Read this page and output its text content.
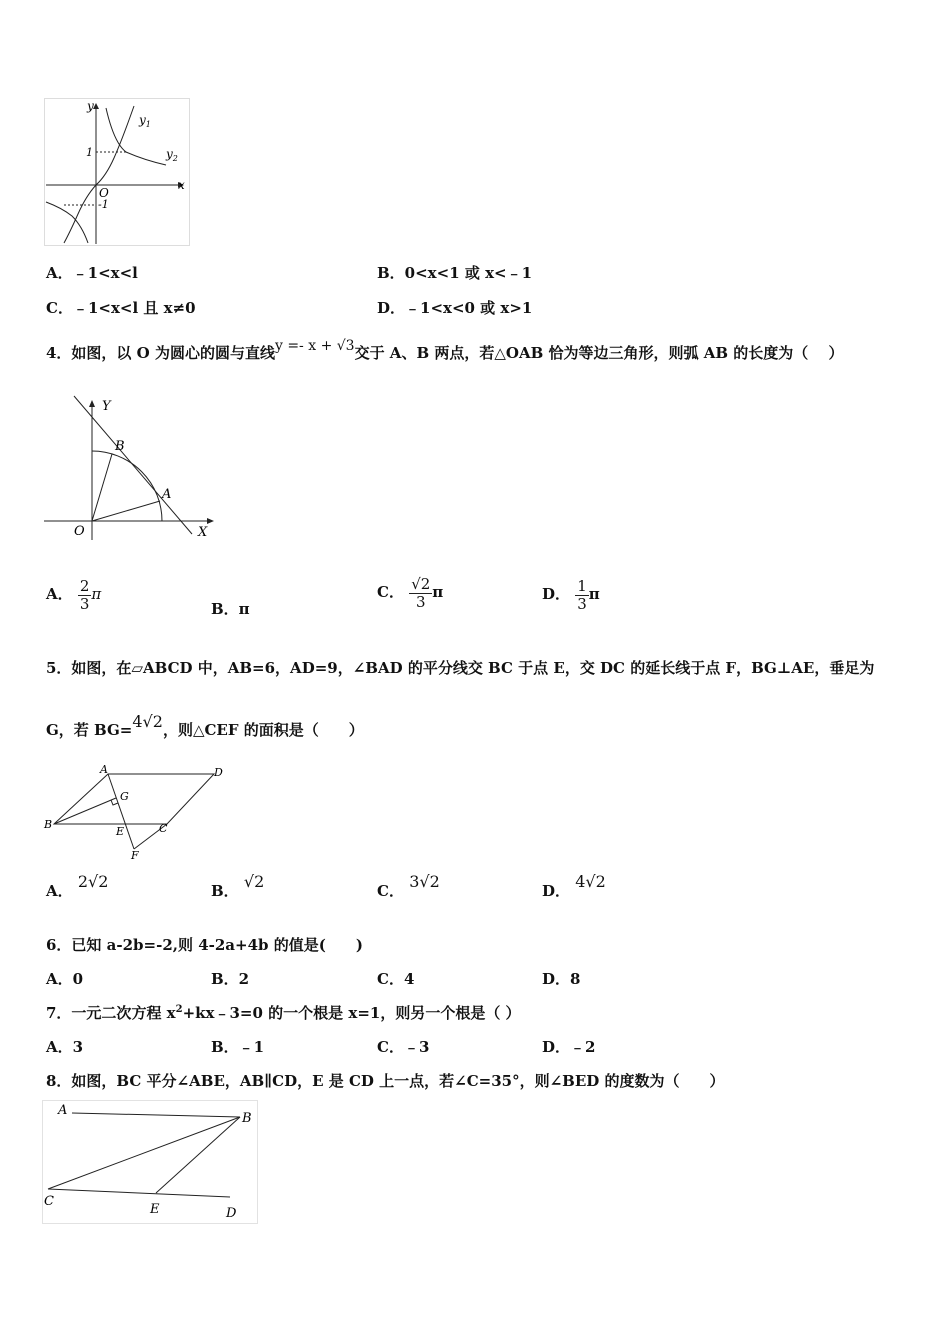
y
x
O
1
-1
$y_1$
$y_2$
A．﹣1<x<l	B．0<x<1 或 x<﹣1
C．﹣1<x<l 且 x≠0	D．﹣1<x<0 或 x>1
4．如图，以 O 为圆心的圆与直线y =- x + √3交于 A、B 两点，若△OAB 恰为等边三角形，则弧 AB 的长度为（　 ）
Y
X
O
B
A
A． $\frac{2}{3}$ π
B．π
C． $\frac{√2}{3}$ π	D． $\frac{1}{3}$ π
5．如图，在▱ABCD 中，AB=6，AD=9，∠BAD 的平分线交 BC 于点 E，交 DC 的延长线于点 F，BG⊥AE，垂足为
G，若 BG=4√2，则△CEF 的面积是（　　）
A	D
B	C
E
G
F
A． 2√2	B． √2	C． 3√2	D． 4√2
6．已知 a-2b=-2,则 4-2a+4b 的值是(　　)
A．0	B．2	C．4	D．8
7．一元二次方程 $x^2+kx﹣3=0$ 的一个根是 x=1，则另一个根是（ ）
A．3	B．﹣1	C．﹣3	D．﹣2
8．如图，BC 平分∠ABE，AB∥CD，E 是 CD 上一点，若∠C=35°，则∠BED 的度数为（　　）
A
B
C
E	D
